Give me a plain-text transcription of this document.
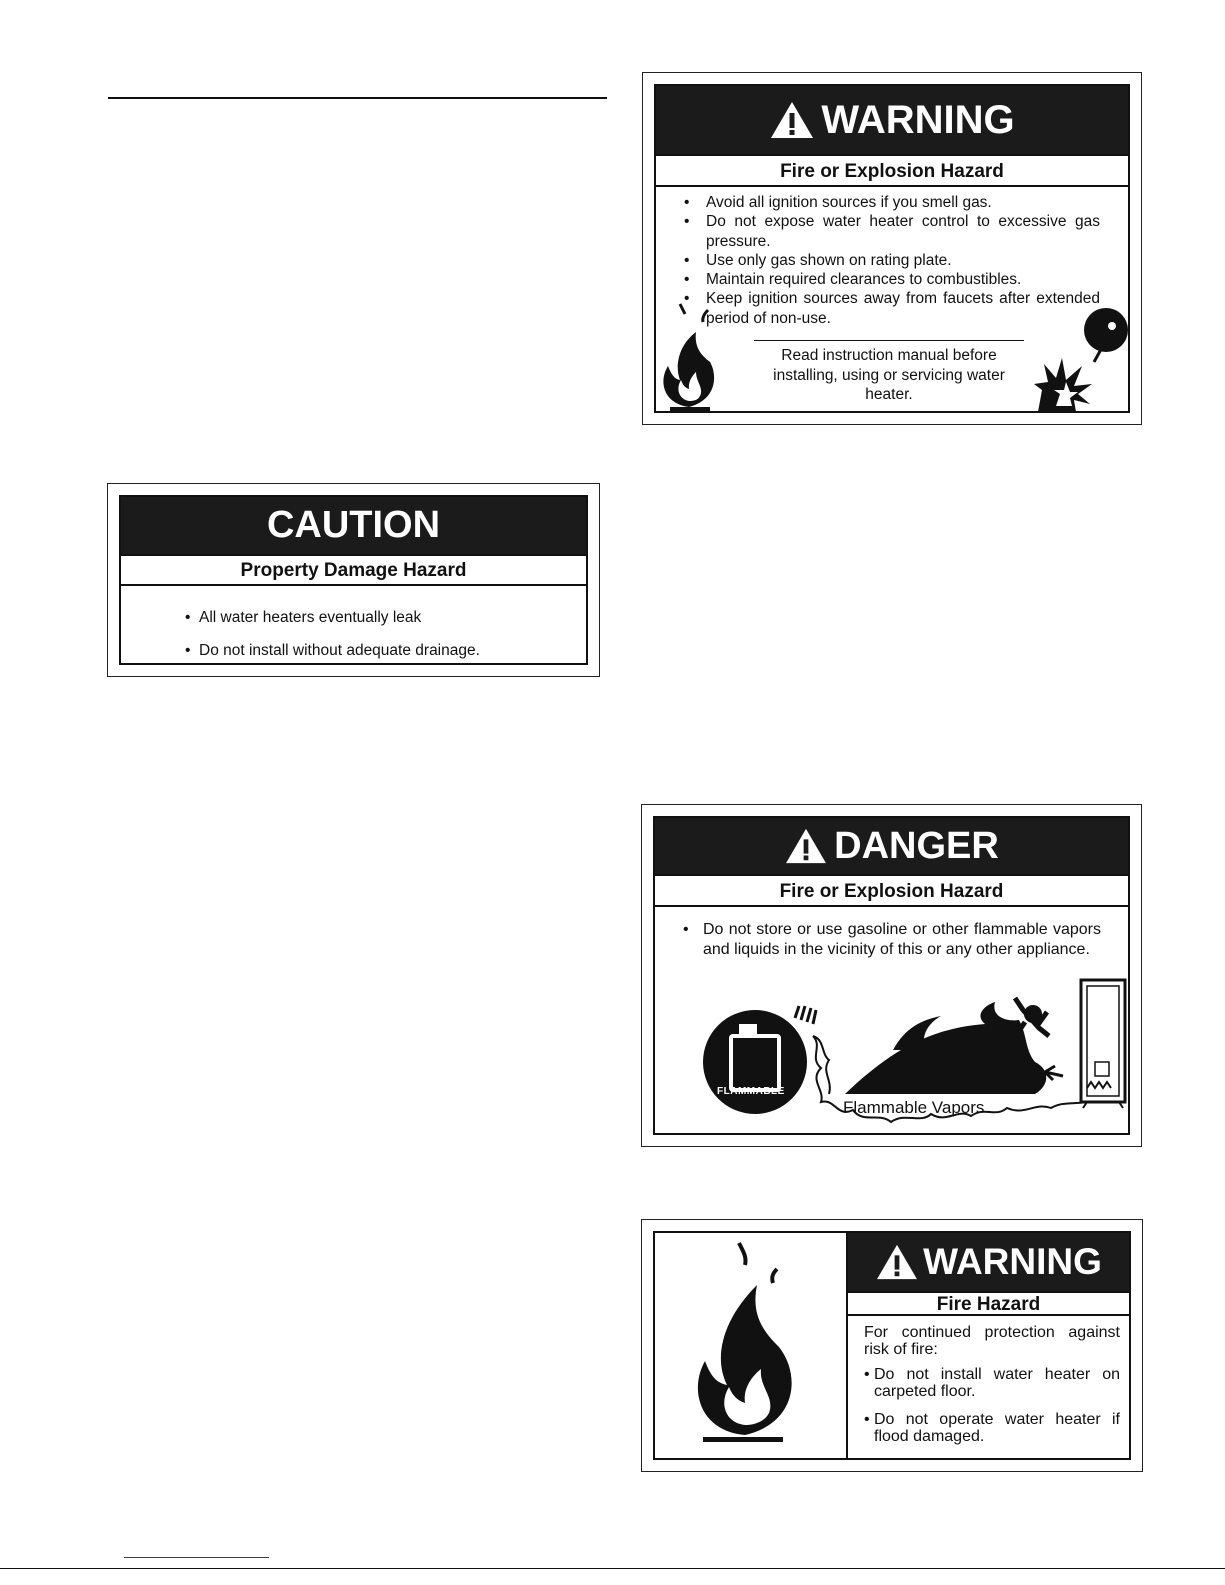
WARNING
Fire or Explosion Hazard
• Avoid all ignition sources if you smell gas.
• Do not expose water heater control to excessive gas pressure.
• Use only gas shown on rating plate.
• Maintain required clearances to combustibles.
• Keep ignition sources away from faucets after extended period of non-use.
Read instruction manual before installing, using or servicing water heater.
CAUTION
Property Damage Hazard
• All water heaters eventually leak
• Do not install without adequate drainage.
DANGER
Fire or Explosion Hazard
• Do not store or use gasoline or other flammable vapors and liquids in the vicinity of this or any other appliance.
FLAMMABLE
Flammable Vapors
WARNING
Fire Hazard
For continued protection against risk of fire:
• Do not install water heater on carpeted floor.
• Do not operate water heater if flood damaged.
